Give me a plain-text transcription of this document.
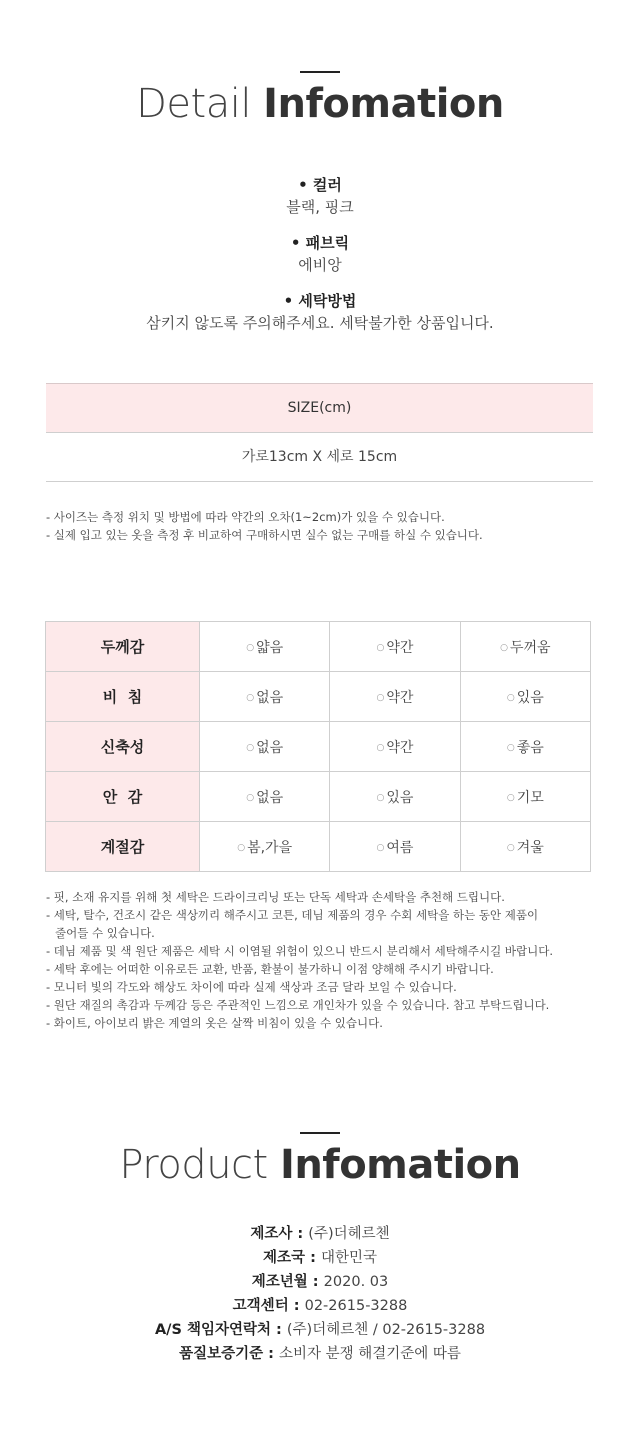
Detail Infomation
• 컬러
블랙, 핑크
• 패브릭
에비앙
• 세탁방법
삼키지 않도록 주의해주세요. 세탁불가한 상품입니다.
SIZE(cm)
가로13cm X 세로 15cm
- 사이즈는 측정 위치 및 방법에 따라 약간의 오차(1~2cm)가 있을 수 있습니다.
- 실제 입고 있는 옷을 측정 후 비교하여 구매하시면 실수 없는 구매를 하실 수 있습니다.
두께감	○ 얇음	○ 약간	○ 두꺼움
비  침	○ 없음	○ 약간	○ 있음
신축성	○ 없음	○ 약간	○ 좋음
안  감	○ 없음	○ 있음	○ 기모
계절감	○ 봄,가을	○ 여름	○ 겨울
- 핏, 소재 유지를 위해 첫 세탁은 드라이크리닝 또는 단독 세탁과 손세탁을 추천해 드립니다.
- 세탁, 탈수, 건조시 같은 색상끼리 해주시고 코튼, 데님 제품의 경우 수회 세탁을 하는 동안 제품이
줄어들 수 있습니다.
- 데님 제품 및 색 원단 제품은 세탁 시 이염될 위험이 있으니 반드시 분리해서 세탁해주시길 바랍니다.
- 세탁 후에는 어떠한 이유로든 교환, 반품, 환불이 불가하니 이점 양해해 주시기 바랍니다.
- 모니터 빛의 각도와 해상도 차이에 따라 실제 색상과 조금 달라 보일 수 있습니다.
- 원단 재질의 촉감과 두께감 등은 주관적인 느낌으로 개인차가 있을 수 있습니다. 참고 부탁드립니다.
- 화이트, 아이보리 밝은 계열의 옷은 살짝 비침이 있을 수 있습니다.
Product Infomation
제조사 : (주)더헤르첸
제조국 : 대한민국
제조년월 : 2020. 03
고객센터 : 02-2615-3288
A/S 책임자연락처 : (주)더헤르첸 / 02-2615-3288
품질보증기준 : 소비자 분쟁 해결기준에 따름
